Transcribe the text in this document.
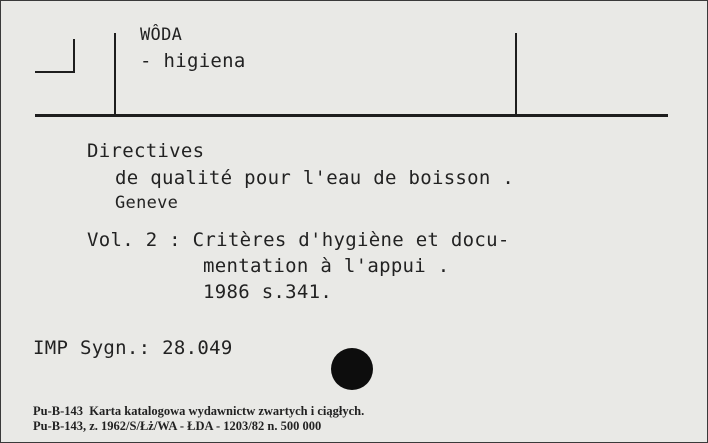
WÔDA
- higiena
Directives
de qualité pour l'eau de boisson .
Geneve
Vol. 2 : Critères d'hygiène et docu-
mentation à l'appui .
1986 s.341.
IMP Sygn.: 28.049
Pu-B-143  Karta katalogowa wydawnictw zwartych i ciągłych.
Pu-B-143, z. 1962/S/Łż/WA - ŁDA - 1203/82 n. 500 000
